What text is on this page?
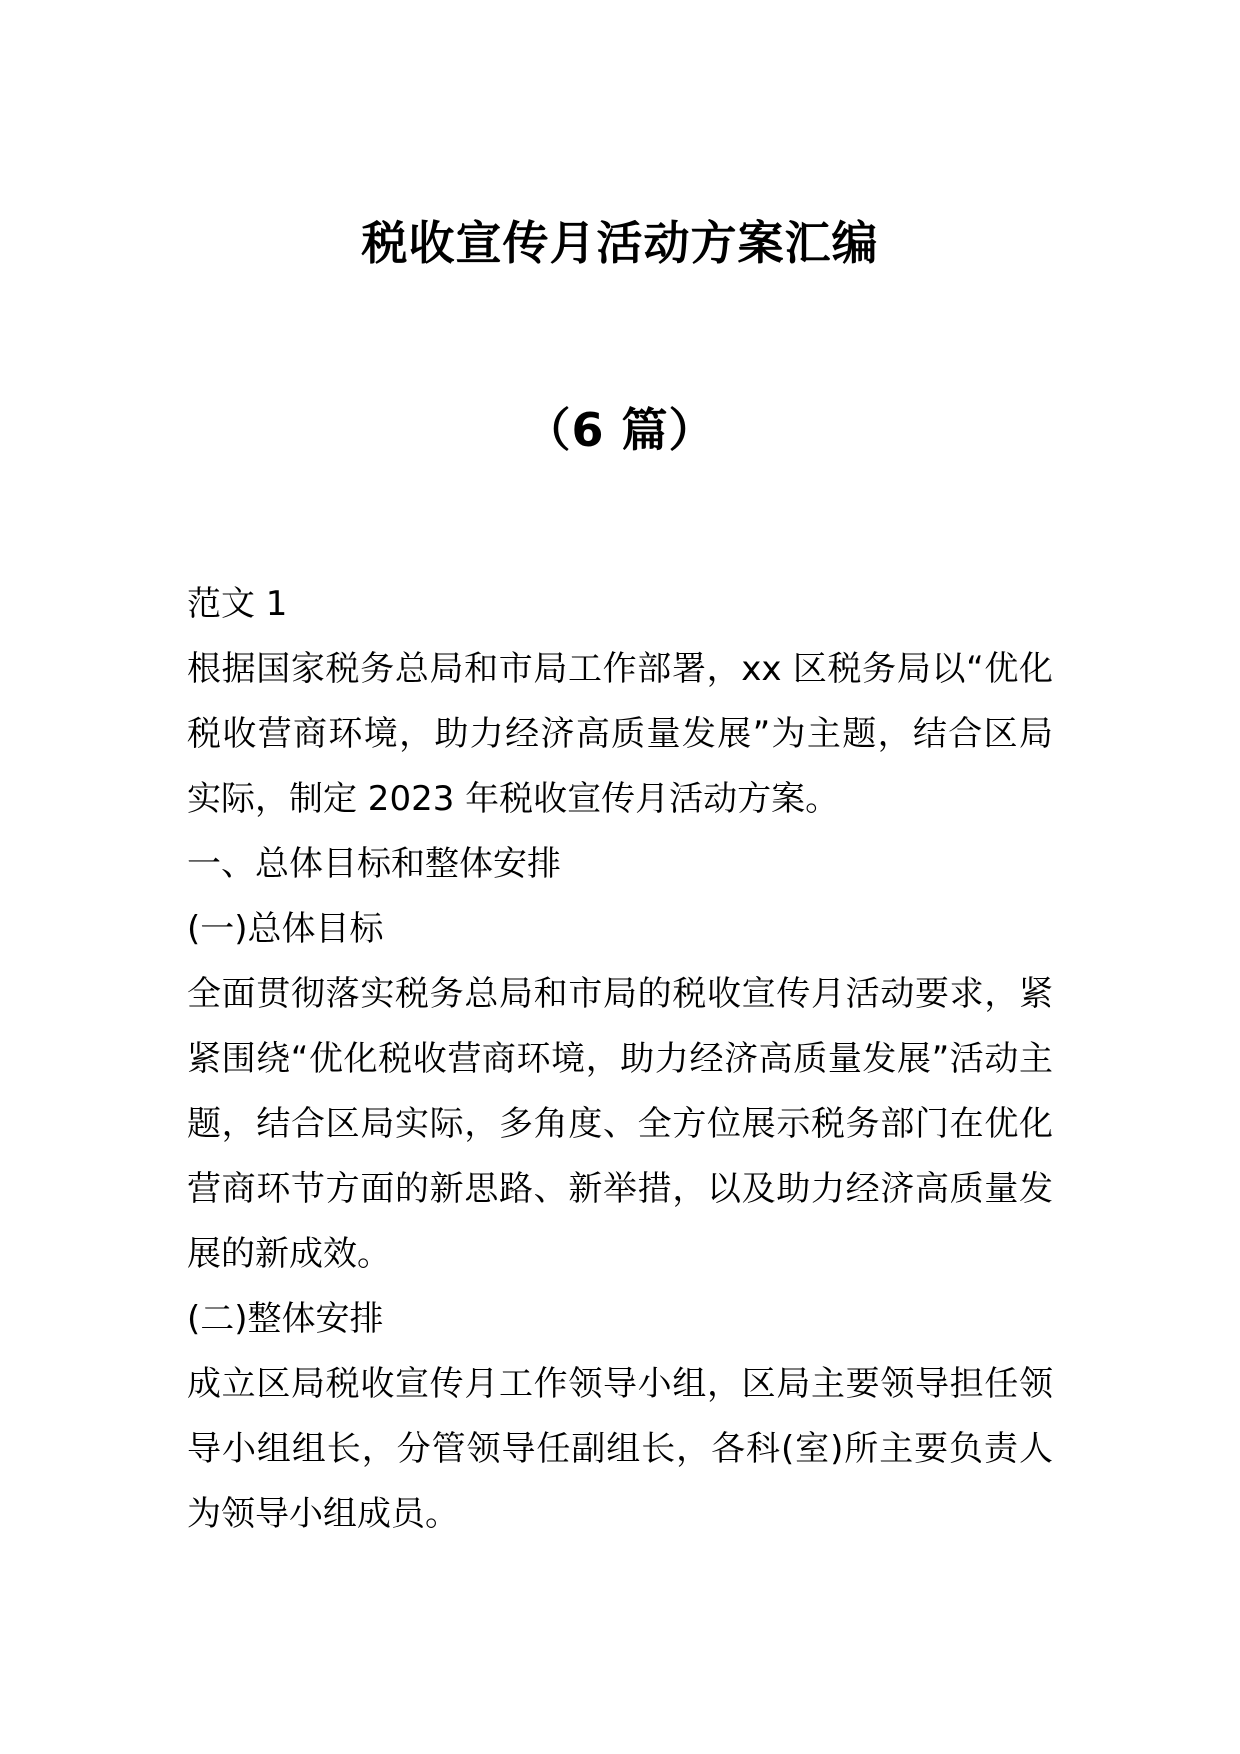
税收宣传月活动方案汇编
（6 篇）

范文 1

根据国家税务总局和市局工作部署，xx 区税务局以“优化税收营商环境，助力经济高质量发展”为主题，结合区局实际，制定 2023 年税收宣传月活动方案。

一、总体目标和整体安排

(一)总体目标

全面贯彻落实税务总局和市局的税收宣传月活动要求，紧紧围绕“优化税收营商环境，助力经济高质量发展”活动主题，结合区局实际，多角度、全方位展示税务部门在优化营商环节方面的新思路、新举措，以及助力经济高质量发展的新成效。

(二)整体安排

成立区局税收宣传月工作领导小组，区局主要领导担任领导小组组长，分管领导任副组长，各科(室)所主要负责人为领导小组成员。
